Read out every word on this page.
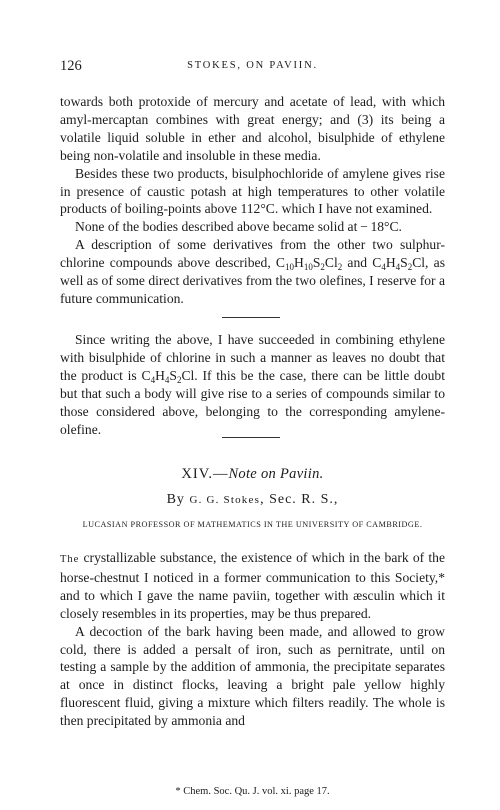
126	STOKES, ON PAVIIN.

towards both protoxide of mercury and acetate of lead, with which amyl-mercaptan combines with great energy; and (3) its being a volatile liquid soluble in ether and alcohol, bisulphide of ethylene being non-volatile and insoluble in these media.

Besides these two products, bisulphochloride of amylene gives rise in presence of caustic potash at high temperatures to other volatile products of boiling-points above 112°C. which I have not examined.

None of the bodies described above became solid at − 18°C.

A description of some derivatives from the other two sulphur-chlorine compounds above described, $C_{10}H_{10}S_2Cl_2$ and $C_4H_4S_2Cl$, as well as of some direct derivatives from the two olefines, I reserve for a future communication.

Since writing the above, I have succeeded in combining ethylene with bisulphide of chlorine in such a manner as leaves no doubt that the product is $C_4H_4S_2Cl$. If this be the case, there can be little doubt but that such a body will give rise to a series of compounds similar to those considered above, belonging to the corresponding amylene-olefine.

XIV.—Note on Paviin.
By G. G. Stokes, Sec. R. S.,
LUCASIAN PROFESSOR OF MATHEMATICS IN THE UNIVERSITY OF CAMBRIDGE.

The crystallizable substance, the existence of which in the bark of the horse-chestnut I noticed in a former communication to this Society,* and to which I gave the name paviin, together with æsculin which it closely resembles in its properties, may be thus prepared.

A decoction of the bark having been made, and allowed to grow cold, there is added a persalt of iron, such as pernitrate, until on testing a sample by the addition of ammonia, the precipitate separates at once in distinct flocks, leaving a bright pale yellow highly fluorescent fluid, giving a mixture which filters readily. The whole is then precipitated by ammonia and

* Chem. Soc. Qu. J. vol. xi. page 17.
